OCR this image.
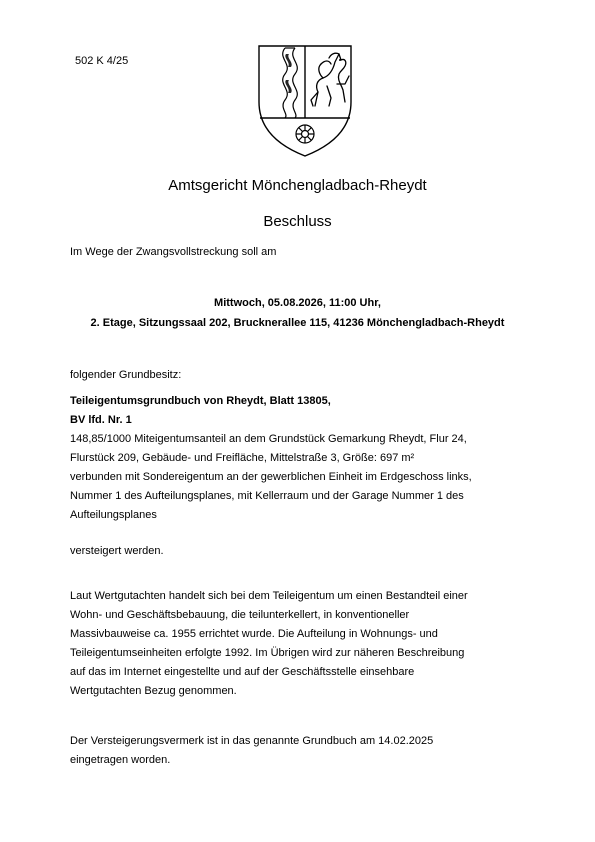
502 K 4/25
Amtsgericht Mönchengladbach-Rheydt
Beschluss
Im Wege der Zwangsvollstreckung soll am
Mittwoch, 05.08.2026, 11:00 Uhr,
2. Etage, Sitzungssaal 202, Brucknerallee 115, 41236 Mönchengladbach-Rheydt
folgender Grundbesitz:
Teileigentumsgrundbuch von Rheydt, Blatt 13805,
BV lfd. Nr. 1
148,85/1000 Miteigentumsanteil an dem Grundstück Gemarkung Rheydt, Flur 24,
Flurstück 209, Gebäude- und Freifläche, Mittelstraße 3, Größe: 697 m²
verbunden mit Sondereigentum an der gewerblichen Einheit im Erdgeschoss links,
Nummer 1 des Aufteilungsplanes, mit Kellerraum und der Garage Nummer 1 des
Aufteilungsplanes
versteigert werden.
Laut Wertgutachten handelt sich bei dem Teileigentum um einen Bestandteil einer
Wohn- und Geschäftsbebauung, die teilunterkellert, in konventioneller
Massivbauweise ca. 1955 errichtet wurde. Die Aufteilung in Wohnungs- und
Teileigentumseinheiten erfolgte 1992. Im Übrigen wird zur näheren Beschreibung
auf das im Internet eingestellte und auf der Geschäftsstelle einsehbare
Wertgutachten Bezug genommen.
Der Versteigerungsvermerk ist in das genannte Grundbuch am 14.02.2025
eingetragen worden.
